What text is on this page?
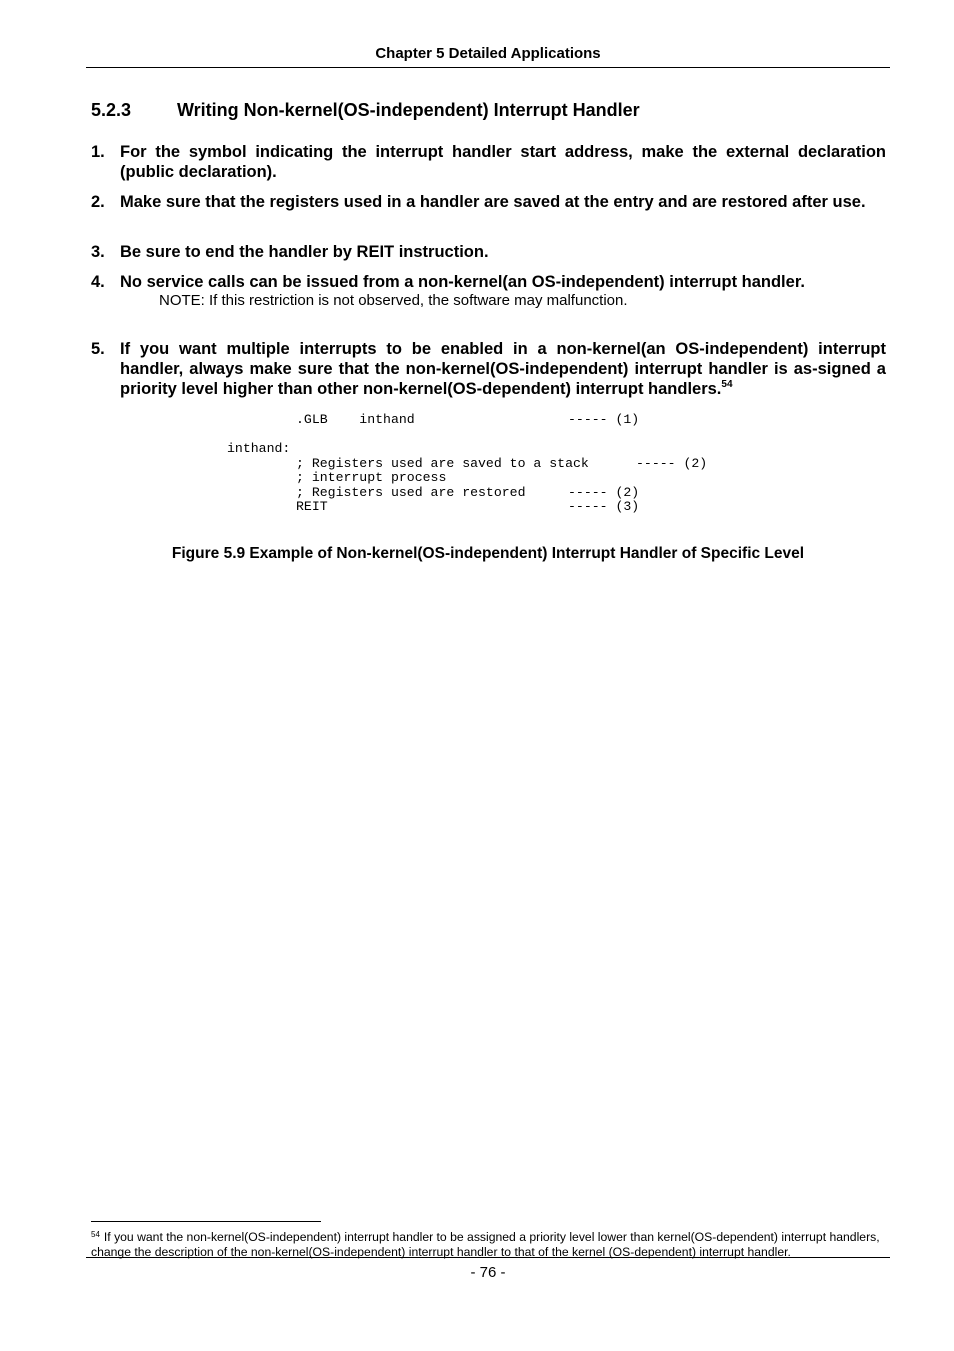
Chapter 5 Detailed Applications
5.2.3	Writing Non-kernel(OS-independent) Interrupt Handler
1. For the symbol indicating the interrupt handler start address, make the external declaration (public declaration).
2. Make sure that the registers used in a handler are saved at the entry and are restored after use.
3. Be sure to end the handler by REIT instruction.
4. No service calls can be issued from a non-kernel(an OS-independent) interrupt handler.
NOTE: If this restriction is not observed, the software may malfunction.
5. If you want multiple interrupts to be enabled in a non-kernel(an OS-independent) interrupt handler, always make sure that the non-kernel(OS-independent) interrupt handler is as-signed a priority level higher than other non-kernel(OS-dependent) interrupt handlers.$^{54}$
.GLB    inthand	----- (1)
inthand:
; Registers used are saved to a stack	----- (2)
; interrupt process
; Registers used are restored	----- (2)
REIT	----- (3)
Figure 5.9 Example of Non-kernel(OS-independent) Interrupt Handler of Specific Level
$^{54}$ If you want the non-kernel(OS-independent) interrupt handler to be assigned a priority level lower than kernel(OS-dependent) interrupt handlers, change the description of the non-kernel(OS-independent) interrupt handler to that of the kernel (OS-dependent) interrupt handler.
- 76 -
